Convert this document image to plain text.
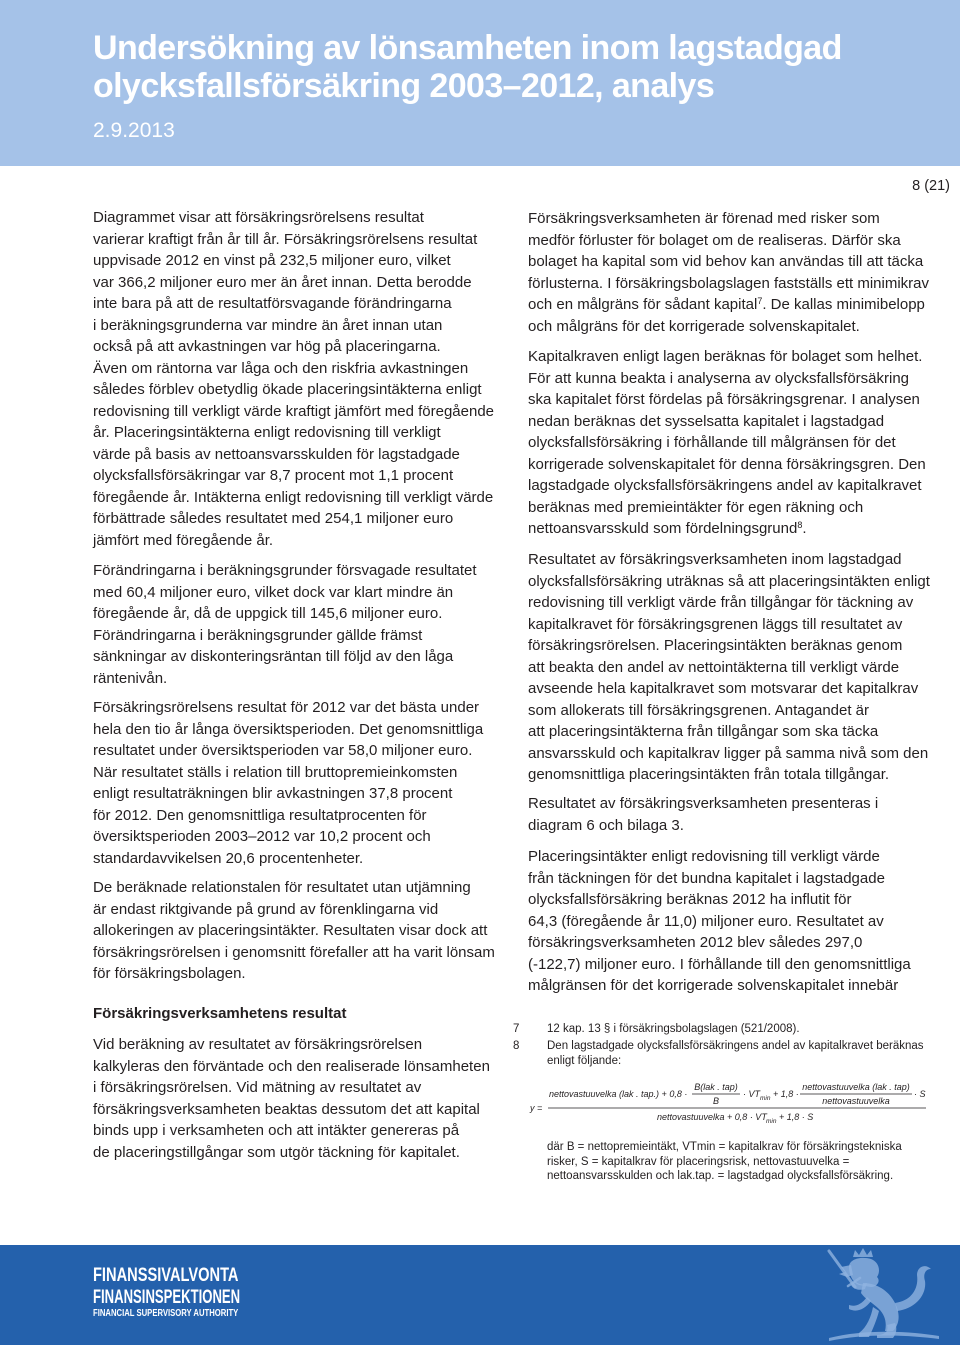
Undersökning av lönsamheten inom lagstadgad
olycksfallsförsäkring 2003–2012, analys
2.9.2013
8 (21)
Diagrammet visar att försäkringsrörelsens resultat
varierar kraftigt från år till år. Försäkringsrörelsens resultat
uppvisade 2012 en vinst på 232,5 miljoner euro, vilket
var 366,2 miljoner euro mer än året innan. Detta berodde
inte bara på att de resultatförsvagande förändringarna
i beräkningsgrunderna var mindre än året innan utan
också på att avkastningen var hög på placeringarna.
Även om räntorna var låga och den riskfria avkastningen
således förblev obetydlig ökade placeringsintäkterna enligt
redovisning till verkligt värde kraftigt jämfört med föregående
år. Placeringsintäkterna enligt redovisning till verkligt
värde på basis av nettoansvarsskulden för lagstadgade
olycksfallsförsäkringar var 8,7 procent mot 1,1 procent
föregående år. Intäkterna enligt redovisning till verkligt värde
förbättrade således resultatet med 254,1 miljoner euro
jämfört med föregående år.
Förändringarna i beräkningsgrunder försvagade resultatet
med 60,4 miljoner euro, vilket dock var klart mindre än
föregående år, då de uppgick till 145,6 miljoner euro.
Förändringarna i beräkningsgrunder gällde främst
sänkningar av diskonteringsräntan till följd av den låga
räntenivån.
Försäkringsrörelsens resultat för 2012 var det bästa under
hela den tio år långa översiktsperioden. Det genomsnittliga
resultatet under översiktsperioden var 58,0 miljoner euro.
När resultatet ställs i relation till bruttopremieinkomsten
enligt resultaträkningen blir avkastningen 37,8 procent
för 2012. Den genomsnittliga resultatprocenten för
översiktsperioden 2003–2012 var 10,2 procent och
standardavvikelsen 20,6 procentenheter.
De beräknade relationstalen för resultatet utan utjämning
är endast riktgivande på grund av förenklingarna vid
allokeringen av placeringsintäkter. Resultaten visar dock att
försäkringsrörelsen i genomsnitt förefaller att ha varit lönsam
för försäkringsbolagen.
Försäkringsverksamhetens resultat
Vid beräkning av resultatet av försäkringsrörelsen
kalkyleras den förväntade och den realiserade lönsamheten
i försäkringsrörelsen. Vid mätning av resultatet av
försäkringsverksamheten beaktas dessutom det att kapital
binds upp i verksamheten och att intäkter genereras på
de placeringstillgångar som utgör täckning för kapitalet.
Försäkringsverksamheten är förenad med risker som
medför förluster för bolaget om de realiseras. Därför ska
bolaget ha kapital som vid behov kan användas till att täcka
förlusterna. I försäkringsbolagslagen fastställs ett minimikrav
och en målgräns för sådant kapital$^7$. De kallas minimibelopp
och målgräns för det korrigerade solvenskapitalet.
Kapitalkraven enligt lagen beräknas för bolaget som helhet.
För att kunna beakta i analyserna av olycksfallsförsäkring
ska kapitalet först fördelas på försäkringsgrenar. I analysen
nedan beräknas det sysselsatta kapitalet i lagstadgad
olycksfallsförsäkring i förhållande till målgränsen för det
korrigerade solvenskapitalet för denna försäkringsgren. Den
lagstadgade olycksfallsförsäkringens andel av kapitalkravet
beräknas med premieintäkter för egen räkning och
nettoansvarsskuld som fördelningsgrund$^8$.
Resultatet av försäkringsverksamheten inom lagstadgad
olycksfallsförsäkring uträknas så att placeringsintäkten enligt
redovisning till verkligt värde från tillgångar för täckning av
kapitalkravet för försäkringsgrenen läggs till resultatet av
försäkringsrörelsen. Placeringsintäkten beräknas genom
att beakta den andel av nettointäkterna till verkligt värde
avseende hela kapitalkravet som motsvarar det kapitalkrav
som allokerats till försäkringsgrenen. Antagandet är
att placeringsintäkterna från tillgångar som ska täcka
ansvarsskuld och kapitalkrav ligger på samma nivå som den
genomsnittliga placeringsintäkten från totala tillgångar.
Resultatet av försäkringsverksamheten presenteras i
diagram 6 och bilaga 3.
Placeringsintäkter enligt redovisning till verkligt värde
från täckningen för det bundna kapitalet i lagstadgade
olycksfallsförsäkring beräknas 2012 ha influtit för
64,3 (föregående år 11,0) miljoner euro. Resultatet av
försäkringsverksamheten 2012 blev således 297,0
(-122,7) miljoner euro. I förhållande till den genomsnittliga
målgränsen för det korrigerade solvenskapitalet innebär
7 12 kap. 13 § i försäkringsbolagslagen (521/2008).
8 Den lagstadgade olycksfallsförsäkringens andel av kapitalkravet beräknas
enligt följande:
y =
nettovastuuvelka (lak . tap.) + 0,8 ·
B(lak . tap)
B
· VT min + 1,8 ·
nettovastuuvelka (lak . tap)
nettovastuuvelka
· S
nettovastuuvelka + 0,8 · VT min + 1,8 · S
där B = nettopremieintäkt, VTmin = kapitalkrav för försäkringstekniska
risker, S = kapitalkrav för placeringsrisk, nettovastuuvelka =
nettoansvarsskulden och lak.tap. = lagstadgad olycksfallsförsäkring.
FINANSSIVALVONTA
FINANSINSPEKTIONEN
FINANCIAL SUPERVISORY AUTHORITY
